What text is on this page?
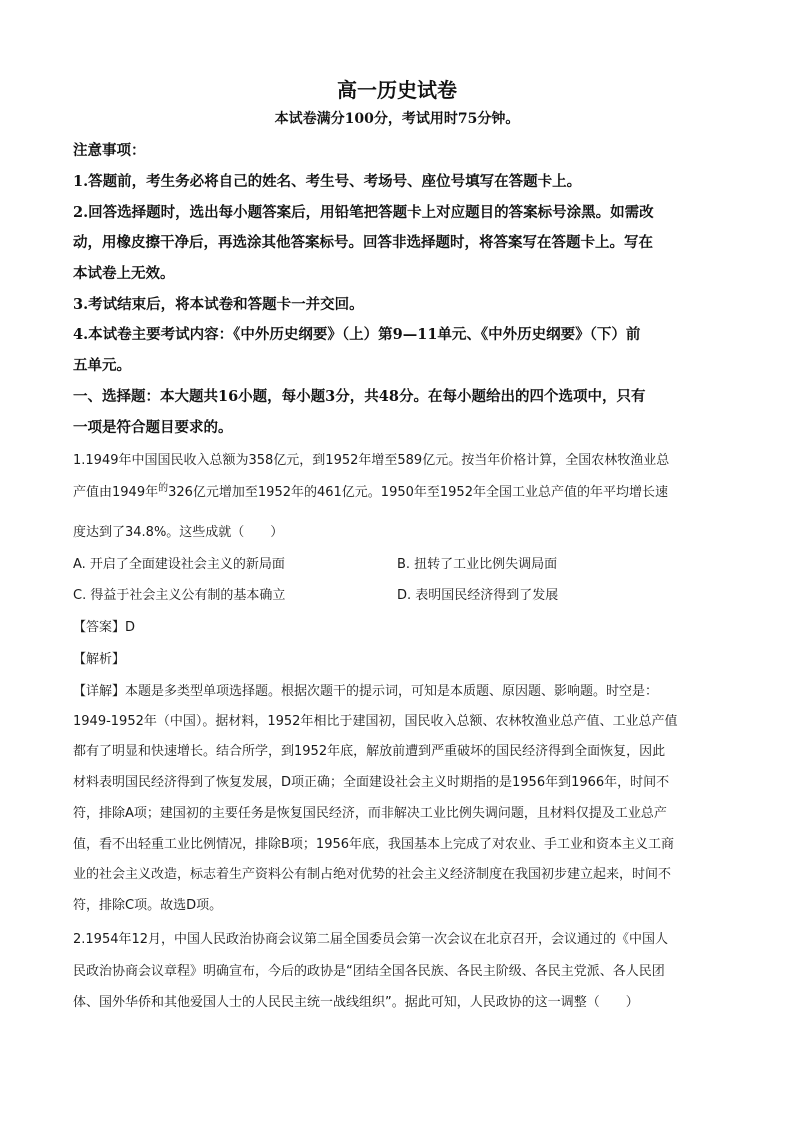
高一历史试卷
本试卷满分100分，考试用时75分钟。
注意事项：
1.答题前，考生务必将自己的姓名、考生号、考场号、座位号填写在答题卡上。
2.回答选择题时，选出每小题答案后，用铅笔把答题卡上对应题目的答案标号涂黑。如需改
动，用橡皮擦干净后，再选涂其他答案标号。回答非选择题时，将答案写在答题卡上。写在
本试卷上无效。
3.考试结束后，将本试卷和答题卡一并交回。
4.本试卷主要考试内容：《中外历史纲要》（上）第9—11单元、《中外历史纲要》（下）前
五单元。
一、选择题：本大题共16小题，每小题3分，共48分。在每小题给出的四个选项中，只有
一项是符合题目要求的。
1.1949年中国国民收入总额为358亿元，到1952年增至589亿元。按当年价格计算，全国农林牧渔业总
产值由1949年$^的$326亿元增加至1952年的461亿元。1950年至1952年全国工业总产值的年平均增长速
度达到了34.8%。这些成就（　　）
A. 开启了全面建设社会主义的新局面	B. 扭转了工业比例失调局面
C. 得益于社会主义公有制的基本确立	D. 表明国民经济得到了发展
【答案】D
【解析】
【详解】本题是多类型单项选择题。根据次题干的提示词，可知是本质题、原因题、影响题。时空是：
1949-1952年（中国）。据材料，1952年相比于建国初，国民收入总额、农林牧渔业总产值、工业总产值
都有了明显和快速增长。结合所学，到1952年底，解放前遭到严重破坏的国民经济得到全面恢复，因此
材料表明国民经济得到了恢复发展，D项正确；全面建设社会主义时期指的是1956年到1966年，时间不
符，排除A项；建国初的主要任务是恢复国民经济，而非解决工业比例失调问题，且材料仅提及工业总产
值，看不出轻重工业比例情况，排除B项；1956年底，我国基本上完成了对农业、手工业和资本主义工商
业的社会主义改造，标志着生产资料公有制占绝对优势的社会主义经济制度在我国初步建立起来，时间不
符，排除C项。故选D项。
2.1954年12月，中国人民政治协商会议第二届全国委员会第一次会议在北京召开，会议通过的《中国人
民政治协商会议章程》明确宣布，今后的政协是“团结全国各民族、各民主阶级、各民主党派、各人民团
体、国外华侨和其他爱国人士的人民民主统一战线组织”。据此可知，人民政协的这一调整（　　）
